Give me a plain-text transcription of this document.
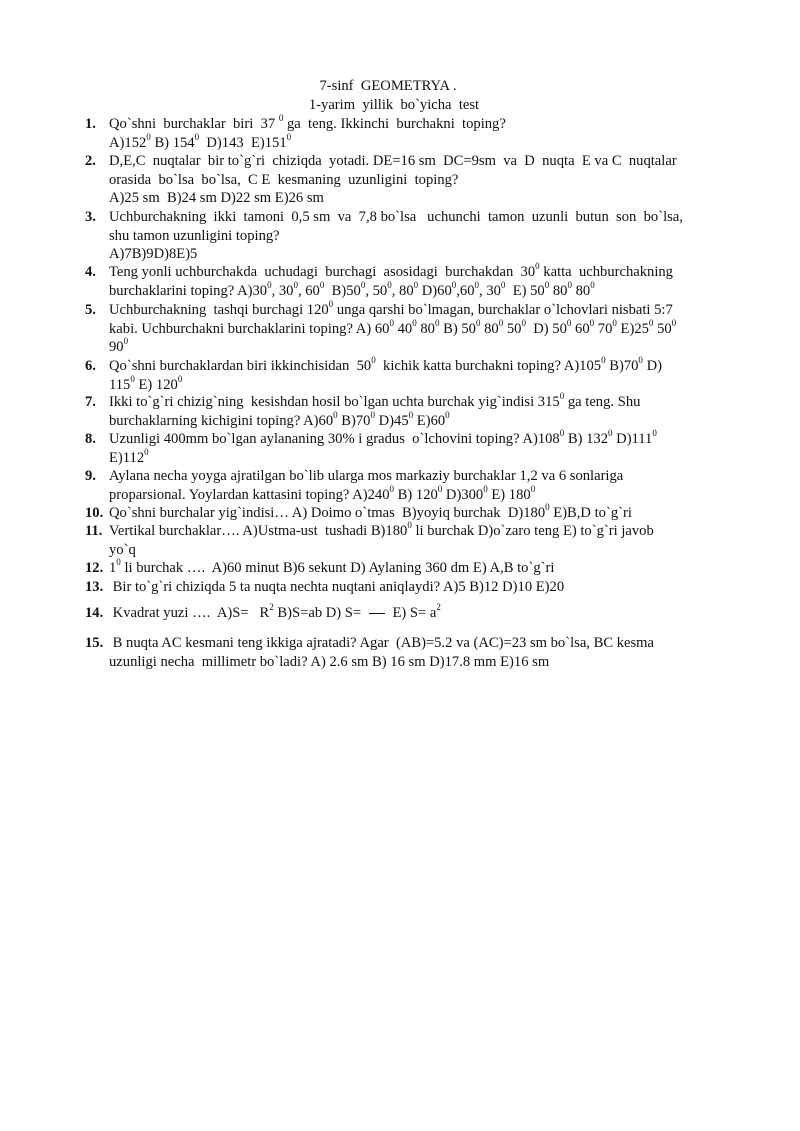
7-sinf  GEOMETRYA .
1-yarim  yillik  bo`yicha  test
1. Qo`shni  burchaklar  biri  37 $^0$ ga  teng. Ikkinchi  burchakni  toping?
$A)152^0$ B) $154^0$  D)143  $E)151^0$
2. D,E,C  nuqtalar  bir to`g`ri  chiziqda  yotadi. DE=16 sm  DC=9sm  va  D  nuqta  E va C  nuqtalar
orasida  bo`lsa  bo`lsa,  C E  kesmaning  uzunligini  toping?
A)25 sm  B)24 sm D)22 sm E)26 sm
3. Uchburchakning  ikki  tamoni  0,5 sm  va  7,8 bo`lsa   uchunchi  tamon  uzunli  butun  son  bo`lsa,
shu tamon uzunligini toping?
A)7B)9D)8E)5
4. Teng yonli uchburchakda  uchudagi  burchagi  asosidagi  burchakdan  $30^0$ katta  uchburchakning
burchaklarini toping? $A)30^0$, $30^0$, $60^0$  $B)50^0$, $50^0$, $80^0$ $D)60^0,60^0$, $30^0$  E) $50^0$ $80^0$ $80^0$
5. Uchburchakning  tashqi burchagi $120^0$ unga qarshi bo`lmagan, burchaklar o`lchovlari nisbati 5:7
kabi. Uchburchakni burchaklarini toping? A) $60^0$ $40^0$ $80^0$ B) $50^0$ $80^0$ $50^0$  D) $50^0$ $60^0$ $70^0$ $E)25^0$ $50^0$
$90^0$
6. Qo`shni burchaklardan biri ikkinchisidan  $50^0$  kichik katta burchakni toping? $A)105^0$ $B)70^0$ D)
$115^0$ E) $120^0$
7. Ikki to`g`ri chizig`ning  kesishdan hosil bo`lgan uchta burchak yig`indisi $315^0$ ga teng. Shu
burchaklarning kichigini toping? $A)60^0$ $B)70^0$ $D)45^0$ $E)60^0$
8. Uzunligi 400mm bo`lgan aylananing 30% i gradus  o`lchovini toping? $A)108^0$ B) $132^0$ $D)111^0$
$E)112^0$
9. Aylana necha yoyga ajratilgan bo`lib ularga mos markaziy burchaklar 1,2 va 6 sonlariga
proparsional. Yoylardan kattasini toping? $A)240^0$ B) $120^0$ $D)300^0$ E) $180^0$
10. Qo`shni burchalar yig`indisi… A) Doimo o`tmas  B)yoyiq burchak  $D)180^0$ E)B,D to`g`ri
11. Vertikal burchaklar…. A)Ustma-ust  tushadi $B)180^0$ li burchak D)o`zaro teng E) to`g`ri javob
yo`q
12. $1^0$ li burchak ….  A)60 minut B)6 sekunt D) Aylaning 360 dm E) A,B to`g`ri
13. Bir to`g`ri chiziqda 5 ta nuqta nechta nuqtani aniqlaydi? A)5 B)12 D)10 E)20
14. Kvadrat yuzi ….  $A)S= R^2$ B)S=ab D) S=  E) $S= a^2$
15. B nuqta AC kesmani teng ikkiga ajratadi? Agar  (AB)=5.2 va (AC)=23 sm bo`lsa, BC kesma
uzunligi necha  millimetr bo`ladi? A) 2.6 sm B) 16 sm D)17.8 mm E)16 sm
